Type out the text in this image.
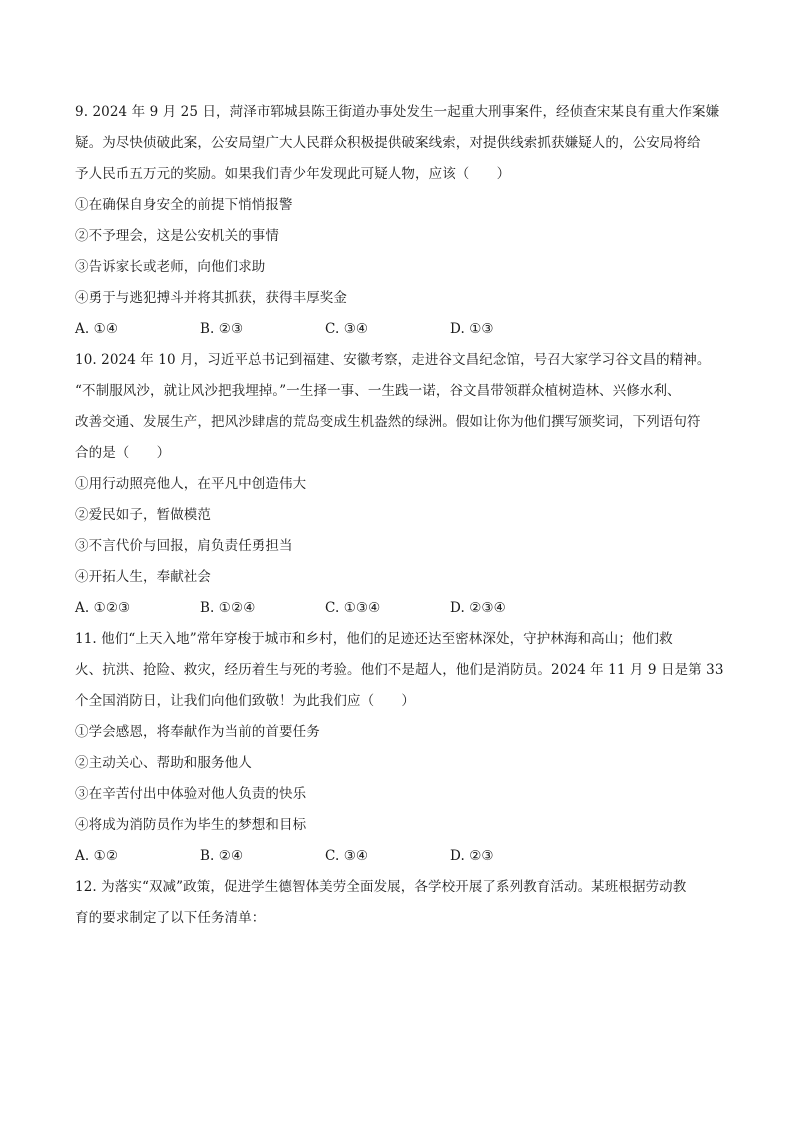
9. 2024 年 9 月 25 日，菏泽市郓城县陈王街道办事处发生一起重大刑事案件，经侦查宋某良有重大作案嫌
疑。为尽快侦破此案，公安局望广大人民群众积极提供破案线索，对提供线索抓获嫌疑人的，公安局将给
予人民币五万元的奖励。如果我们青少年发现此可疑人物，应该（　　）
①在确保自身安全的前提下悄悄报警
②不予理会，这是公安机关的事情
③告诉家长或老师，向他们求助
④勇于与逃犯搏斗并将其抓获，获得丰厚奖金
A. ①④	B. ②③	C. ③④	D. ①③
10. 2024 年 10 月，习近平总书记到福建、安徽考察，走进谷文昌纪念馆，号召大家学习谷文昌的精神。
“不制服风沙，就让风沙把我埋掉。”一生择一事、一生践一诺，谷文昌带领群众植树造林、兴修水利、
改善交通、发展生产，把风沙肆虐的荒岛变成生机盎然的绿洲。假如让你为他们撰写颁奖词，下列语句符
合的是（　　）
①用行动照亮他人，在平凡中创造伟大
②爱民如子，暂做模范
③不言代价与回报，肩负责任勇担当
④开拓人生，奉献社会
A. ①②③	B. ①②④	C. ①③④	D. ②③④
11. 他们“上天入地”常年穿梭于城市和乡村，他们的足迹还达至密林深处，守护林海和高山；他们救
火、抗洪、抢险、救灾，经历着生与死的考验。他们不是超人，他们是消防员。2024 年 11 月 9 日是第 33
个全国消防日，让我们向他们致敬！为此我们应（　　）
①学会感恩，将奉献作为当前的首要任务
②主动关心、帮助和服务他人
③在辛苦付出中体验对他人负责的快乐
④将成为消防员作为毕生的梦想和目标
A. ①②	B. ②④	C. ③④	D. ②③
12. 为落实“双减”政策，促进学生德智体美劳全面发展，各学校开展了系列教育活动。某班根据劳动教
育的要求制定了以下任务清单：
